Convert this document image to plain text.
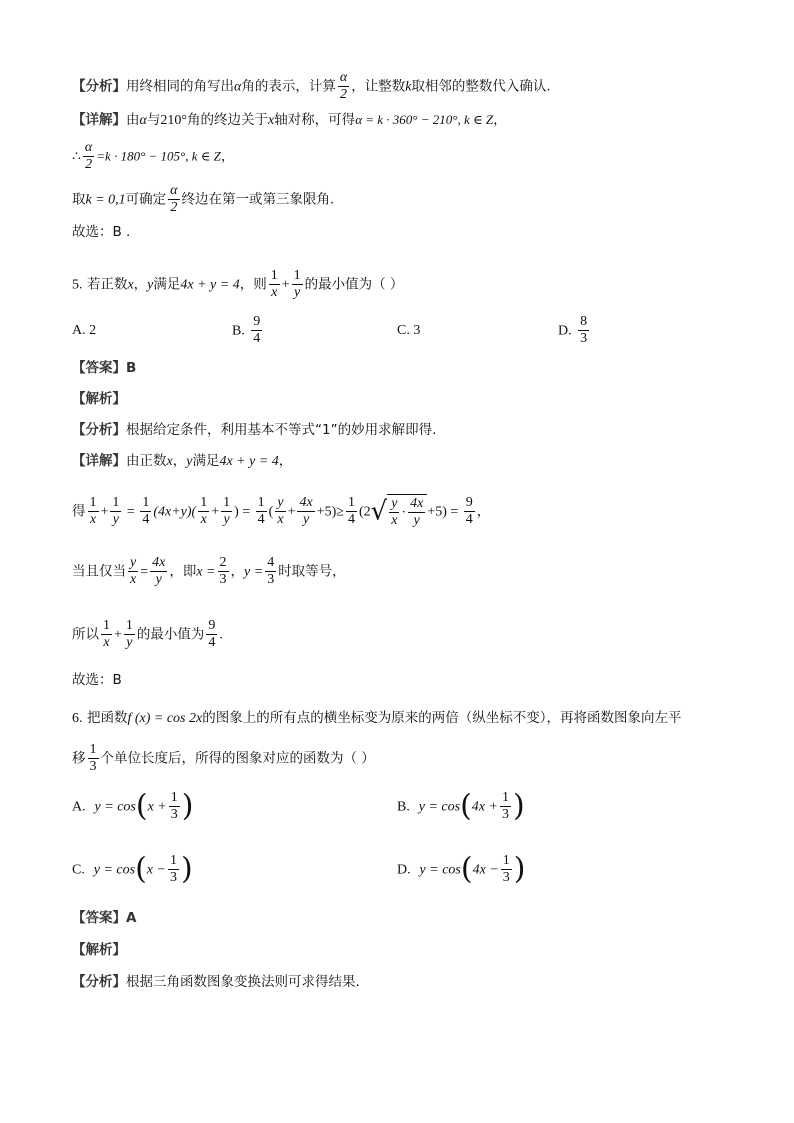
【分析】用终相同的角写出α角的表示，计算 $\frac{\alpha}{2}$ ，让整数k取相邻的整数代入确认.
【详解】由α与210°角的终边关于x轴对称，可得α = k · 360° − 210°, k ∈ Z，
∴ $\frac{\alpha}{2} =k \cdot 180^\circ - 105^\circ$, k ∈ Z，
取k = 0,1可确定 $\frac{\alpha}{2}$ 终边在第一或第三象限角.
故选：B .
5. 若正数x，y满足4x + y = 4，则 $\frac{1}{x} + \frac{1}{y}$ 的最小值为（ ）
A. 2	B. $\frac{9}{4}$	C. 3	D. $\frac{8}{3}$
【答案】B
【解析】
【分析】根据给定条件，利用基本不等式“1”的妙用求解即得.
【详解】由正数x，y满足4x + y = 4，
得 $\frac{1}{x} + \frac{1}{y} = \frac{1}{4} (4x+y)( \frac{1}{x} + \frac{1}{y}$ ) = $\frac{1}{4}$ ( $\frac{y}{x} + \frac{4x}{y} +5)\ge \frac{1}{4} (2√ \frac{y}{x} \cdot \frac{4x}{y} +5) = \frac{9}{4}$ ，
当且仅当 $\frac{y}{x} = \frac{4x}{y}$ ，即$x = \frac{2}{3}$ ，$y = \frac{4}{3}$ 时取等号，
所以 $\frac{1}{x} + \frac{1}{y}$ 的最小值为 $\frac{9}{4}$ .
故选：B
6. 把函数f (x) = cos 2x的图象上的所有点的横坐标变为原来的两倍（纵坐标不变），再将函数图象向左平
移 $\frac{1}{3}$ 个单位长度后，所得的图象对应的函数为（ ）
A. $y = \cos(x + \frac{1}{3}$ )	B. $y = \cos(4x + \frac{1}{3}$ )
C. $y = \cos(x - \frac{1}{3}$ )	D. $y = \cos(4x - \frac{1}{3}$ )
【答案】A
【解析】
【分析】根据三角函数图象变换法则可求得结果.
